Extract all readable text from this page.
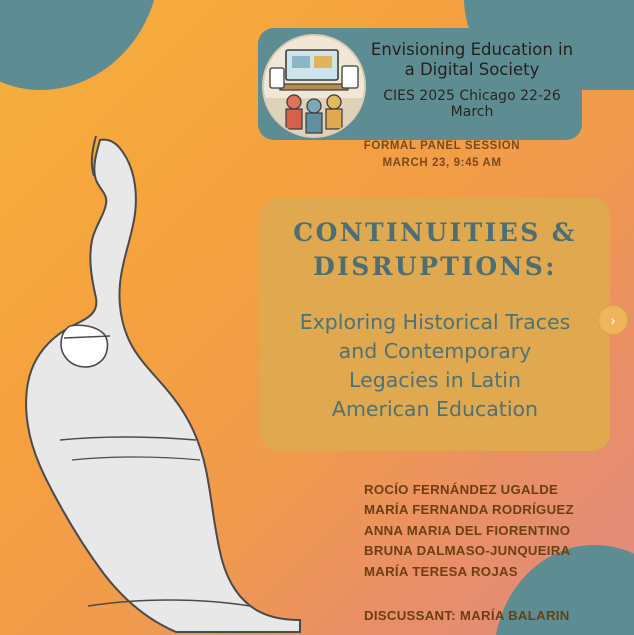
Envisioning Education in
a Digital Society
CIES 2025 Chicago 22-26 March
FORMAL PANEL SESSION
MARCH 23, 9:45 AM
CONTINUITIES &
DISRUPTIONS:
Exploring Historical Traces
and Contemporary
Legacies in Latin
American Education
›
ROCÍO FERNÁNDEZ UGALDE
MARÍA FERNANDA RODRÍGUEZ
ANNA MARIA DEL FIORENTINO
BRUNA DALMASO-JUNQUEIRA
MARÍA TERESA ROJAS
DISCUSSANT: MARÍA BALARIN
